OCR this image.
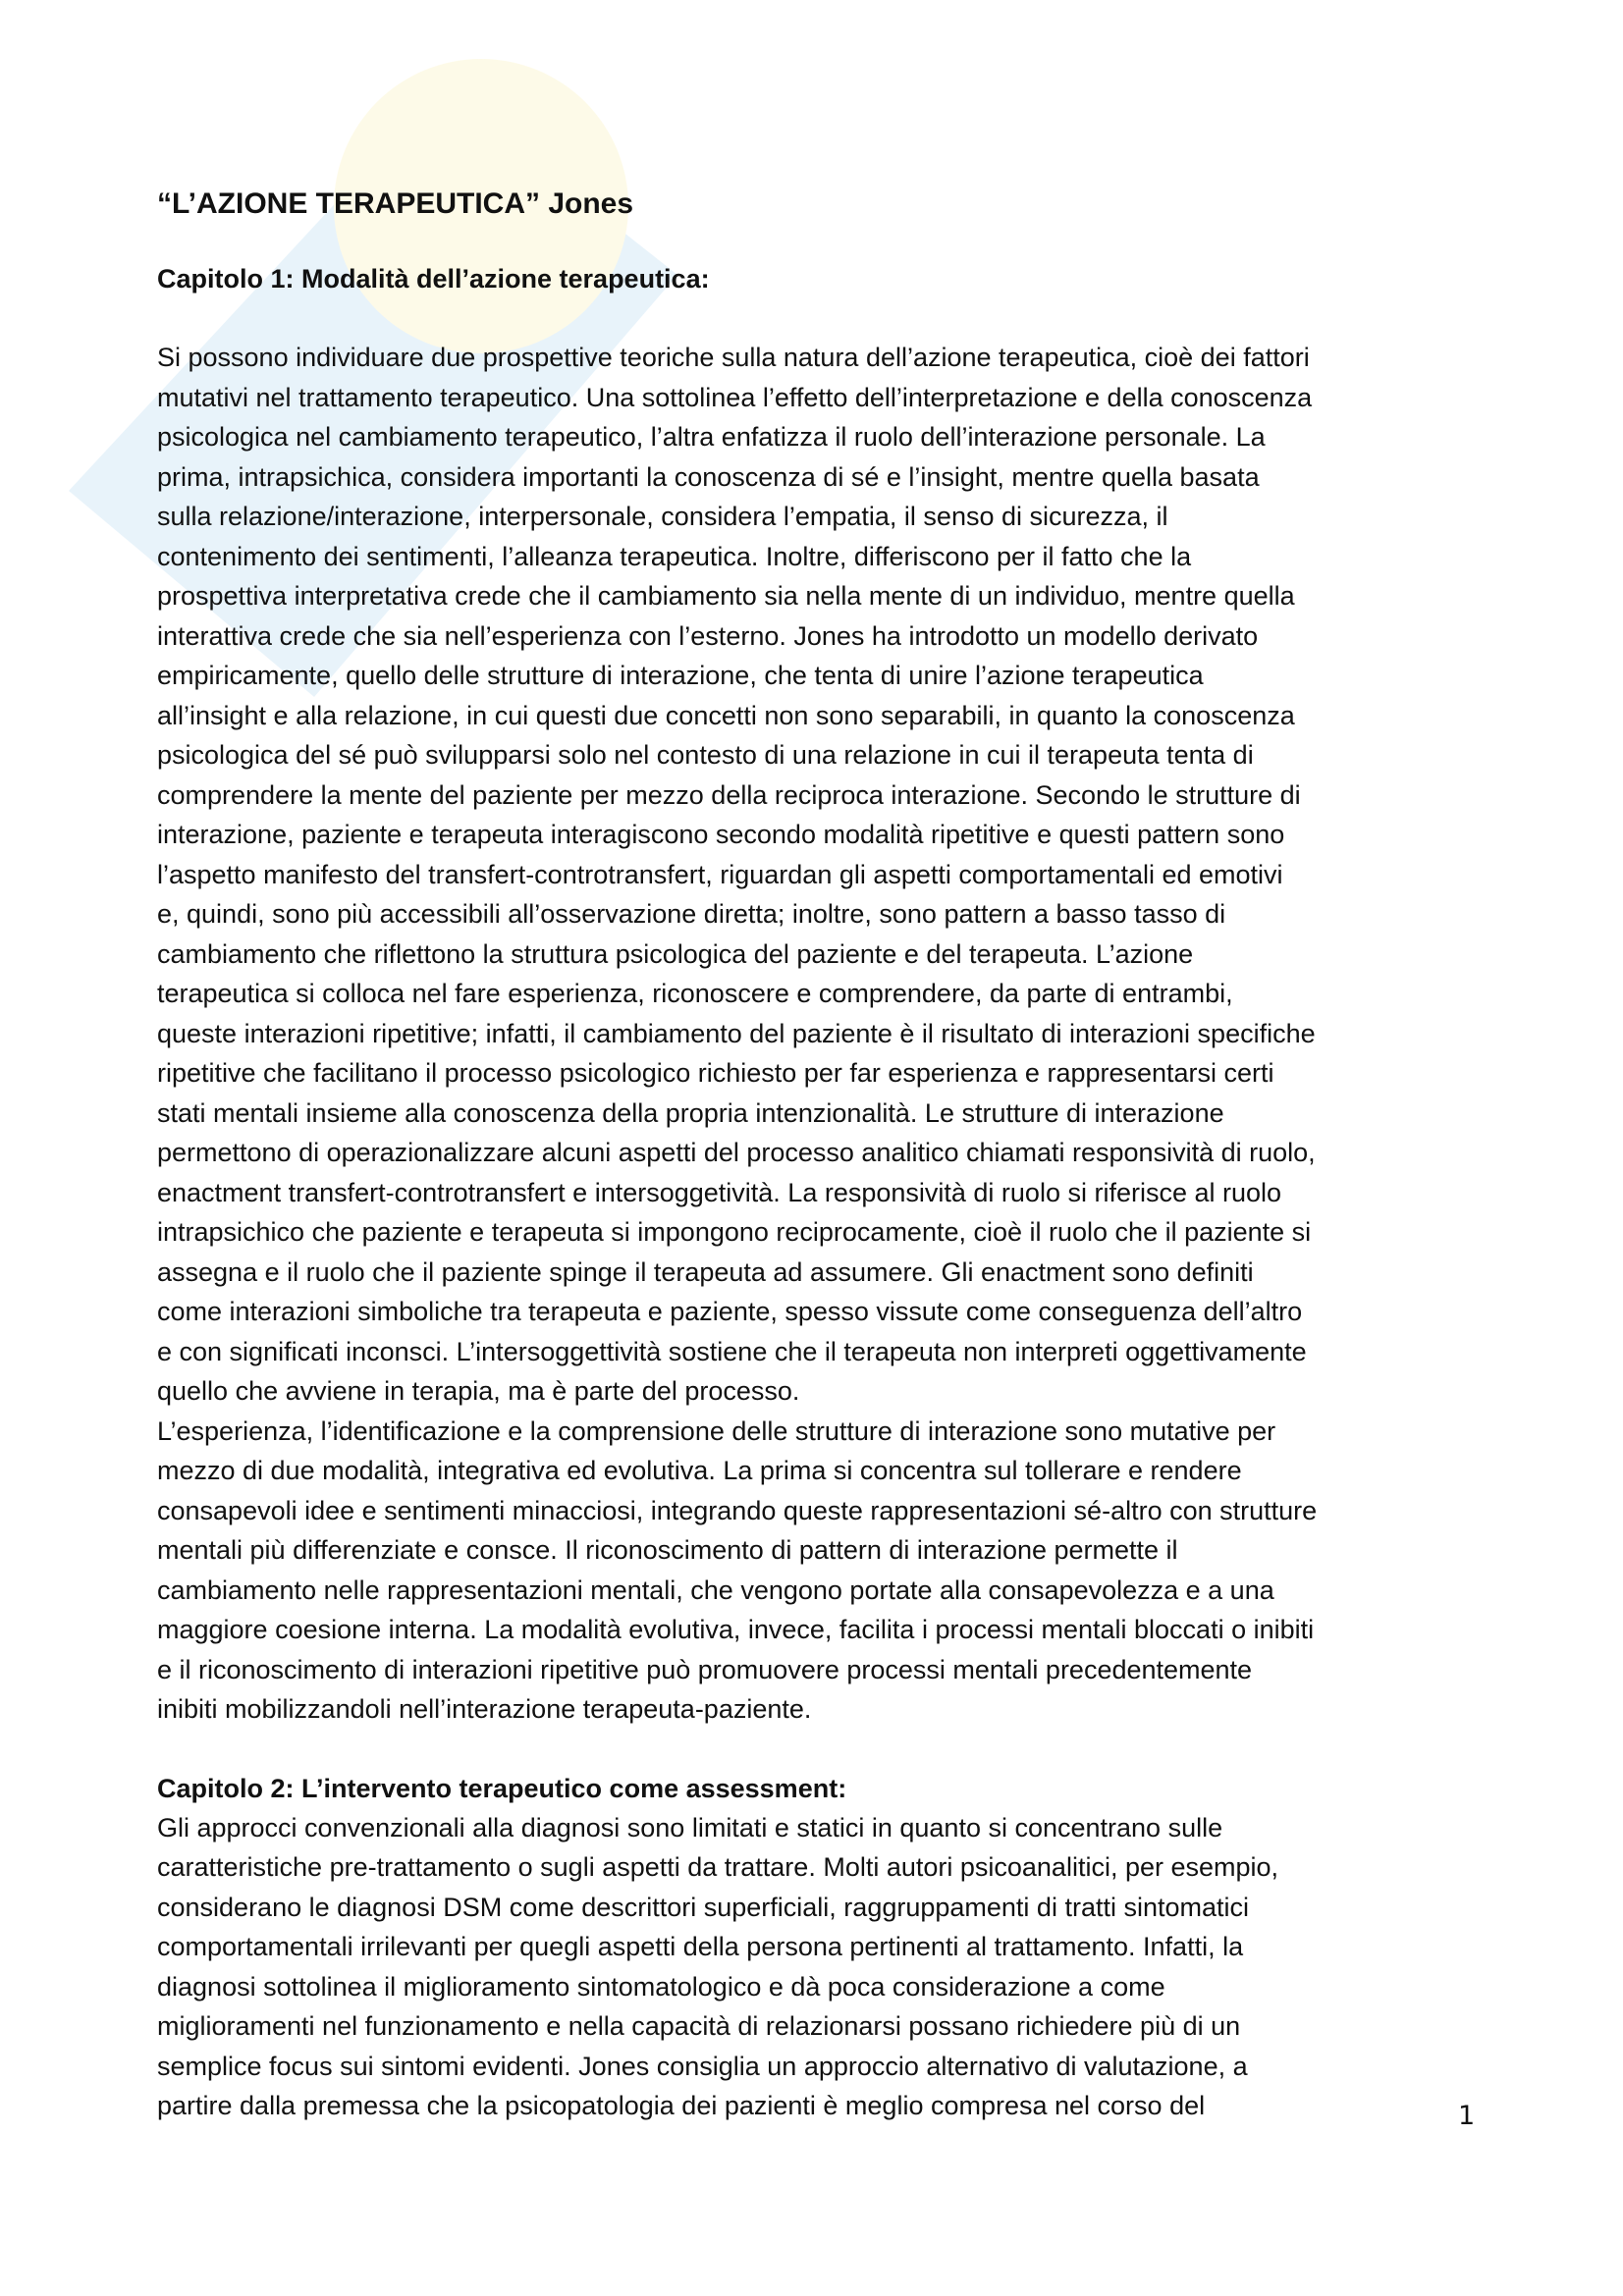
“L’AZIONE TERAPEUTICA” Jones
Capitolo 1: Modalità dell’azione terapeutica:
Si possono individuare due prospettive teoriche sulla natura dell’azione terapeutica, cioè dei fattori
mutativi nel trattamento terapeutico. Una sottolinea l’effetto dell’interpretazione e della conoscenza
psicologica nel cambiamento terapeutico, l’altra enfatizza il ruolo dell’interazione personale. La
prima, intrapsichica, considera importanti la conoscenza di sé e l’insight, mentre quella basata
sulla relazione/interazione, interpersonale, considera l’empatia, il senso di sicurezza, il
contenimento dei sentimenti, l’alleanza terapeutica. Inoltre, differiscono per il fatto che la
prospettiva interpretativa crede che il cambiamento sia nella mente di un individuo, mentre quella
interattiva crede che sia nell’esperienza con l’esterno. Jones ha introdotto un modello derivato
empiricamente, quello delle strutture di interazione, che tenta di unire l’azione terapeutica
all’insight e alla relazione, in cui questi due concetti non sono separabili, in quanto la conoscenza
psicologica del sé può svilupparsi solo nel contesto di una relazione in cui il terapeuta tenta di
comprendere la mente del paziente per mezzo della reciproca interazione. Secondo le strutture di
interazione, paziente e terapeuta interagiscono secondo modalità ripetitive e questi pattern sono
l’aspetto manifesto del transfert-controtransfert, riguardan gli aspetti comportamentali ed emotivi
e, quindi, sono più accessibili all’osservazione diretta; inoltre, sono pattern a basso tasso di
cambiamento che riflettono la struttura psicologica del paziente e del terapeuta. L’azione
terapeutica si colloca nel fare esperienza, riconoscere e comprendere, da parte di entrambi,
queste interazioni ripetitive; infatti, il cambiamento del paziente è il risultato di interazioni specifiche
ripetitive che facilitano il processo psicologico richiesto per far esperienza e rappresentarsi certi
stati mentali insieme alla conoscenza della propria intenzionalità. Le strutture di interazione
permettono di operazionalizzare alcuni aspetti del processo analitico chiamati responsività di ruolo,
enactment transfert-controtransfert e intersoggetività. La responsività di ruolo si riferisce al ruolo
intrapsichico che paziente e terapeuta si impongono reciprocamente, cioè il ruolo che il paziente si
assegna e il ruolo che il paziente spinge il terapeuta ad assumere. Gli enactment sono definiti
come interazioni simboliche tra terapeuta e paziente, spesso vissute come conseguenza dell’altro
e con significati inconsci. L’intersoggettività sostiene che il terapeuta non interpreti oggettivamente
quello che avviene in terapia, ma è parte del processo.
L’esperienza, l’identificazione e la comprensione delle strutture di interazione sono mutative per
mezzo di due modalità, integrativa ed evolutiva. La prima si concentra sul tollerare e rendere
consapevoli idee e sentimenti minacciosi, integrando queste rappresentazioni sé-altro con strutture
mentali più differenziate e consce. Il riconoscimento di pattern di interazione permette il
cambiamento nelle rappresentazioni mentali, che vengono portate alla consapevolezza e a una
maggiore coesione interna. La modalità evolutiva, invece, facilita i processi mentali bloccati o inibiti
e il riconoscimento di interazioni ripetitive può promuovere processi mentali precedentemente
inibiti mobilizzandoli nell’interazione terapeuta-paziente.
Capitolo 2: L’intervento terapeutico come assessment:
Gli approcci convenzionali alla diagnosi sono limitati e statici in quanto si concentrano sulle
caratteristiche pre-trattamento o sugli aspetti da trattare. Molti autori psicoanalitici, per esempio,
considerano le diagnosi DSM come descrittori superficiali, raggruppamenti di tratti sintomatici
comportamentali irrilevanti per quegli aspetti della persona pertinenti al trattamento. Infatti, la
diagnosi sottolinea il miglioramento sintomatologico e dà poca considerazione a come
miglioramenti nel funzionamento e nella capacità di relazionarsi possano richiedere più di un
semplice focus sui sintomi evidenti. Jones consiglia un approccio alternativo di valutazione, a
partire dalla premessa che la psicopatologia dei pazienti è meglio compresa nel corso del	1
